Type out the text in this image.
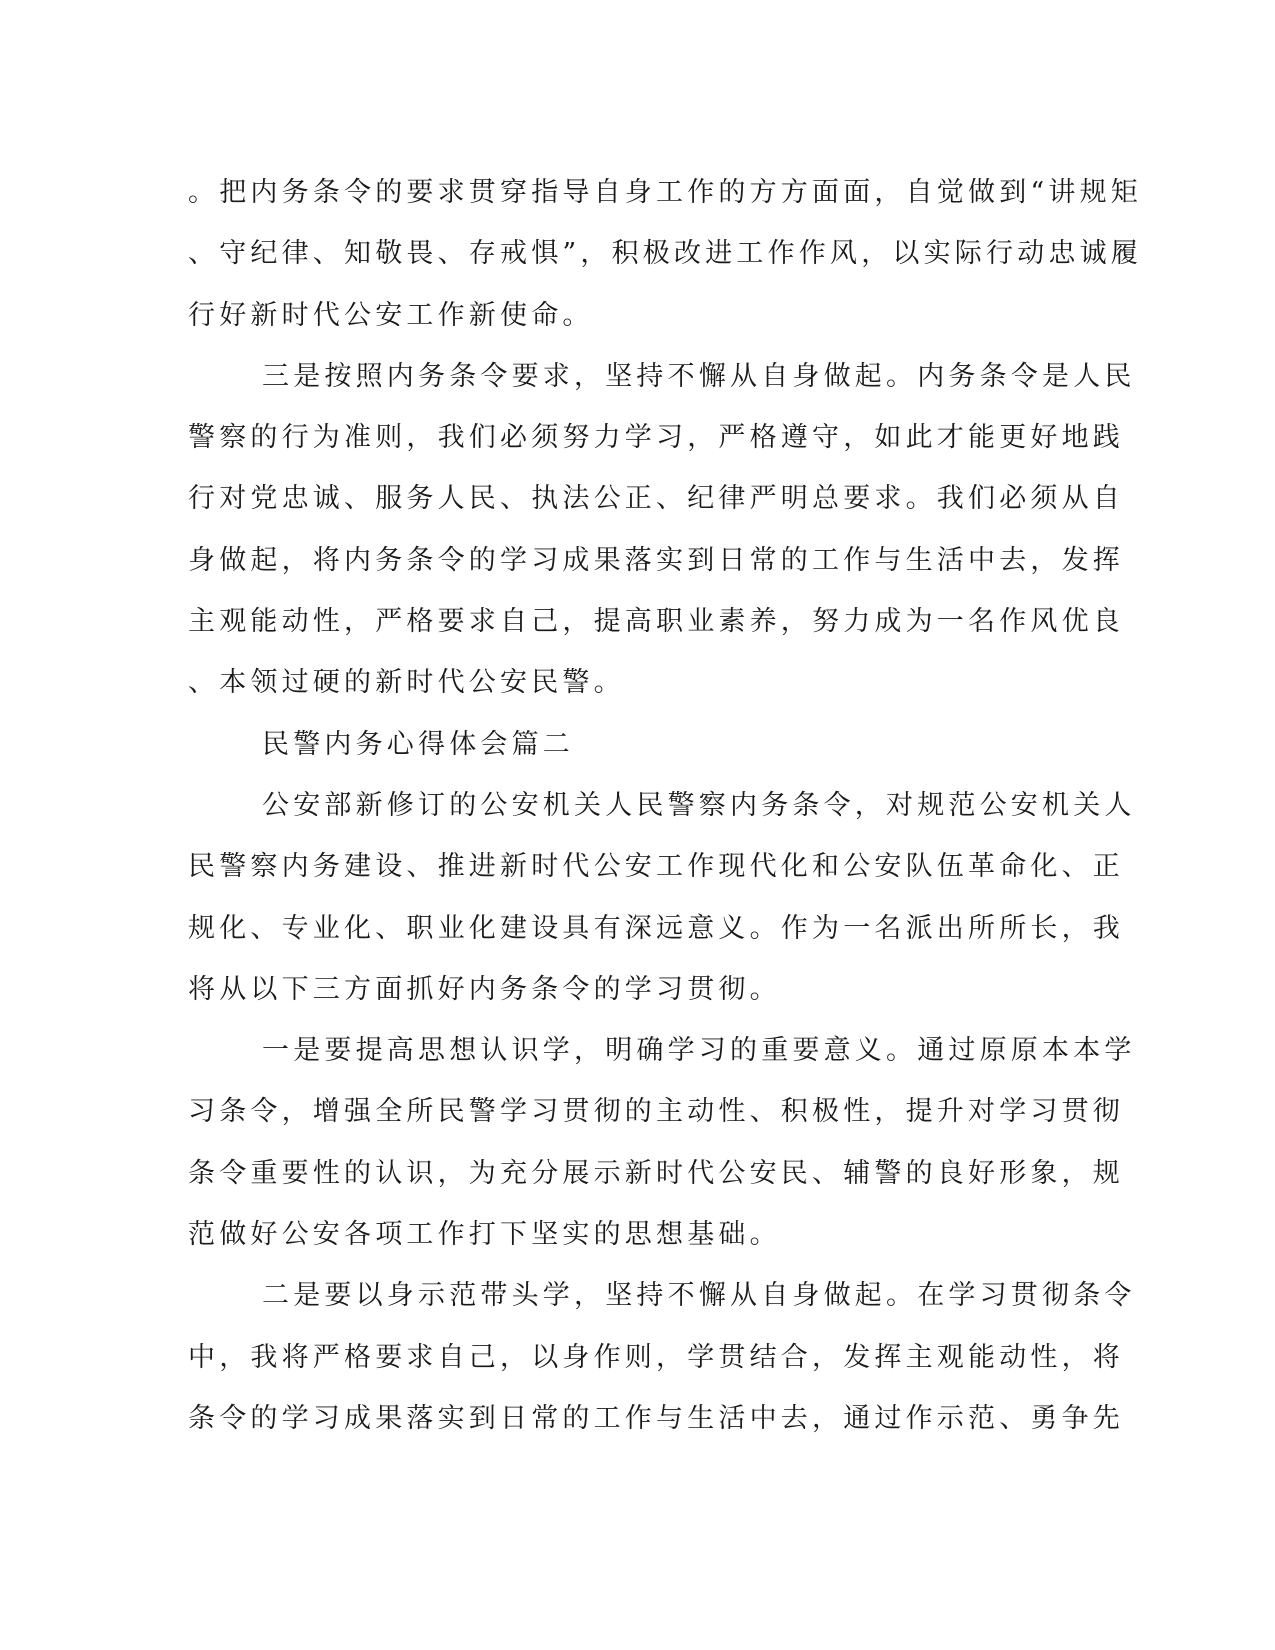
。把内务条令的要求贯穿指导自身工作的方方面面，自觉做到“讲规矩
、守纪律、知敬畏、存戒惧”，积极改进工作作风，以实际行动忠诚履
行好新时代公安工作新使命。
三是按照内务条令要求，坚持不懈从自身做起。内务条令是人民
警察的行为准则，我们必须努力学习，严格遵守，如此才能更好地践
行对党忠诚、服务人民、执法公正、纪律严明总要求。我们必须从自
身做起，将内务条令的学习成果落实到日常的工作与生活中去，发挥
主观能动性，严格要求自己，提高职业素养，努力成为一名作风优良
、本领过硬的新时代公安民警。
民警内务心得体会篇二
公安部新修订的公安机关人民警察内务条令，对规范公安机关人
民警察内务建设、推进新时代公安工作现代化和公安队伍革命化、正
规化、专业化、职业化建设具有深远意义。作为一名派出所所长，我
将从以下三方面抓好内务条令的学习贯彻。
一是要提高思想认识学，明确学习的重要意义。通过原原本本学
习条令，增强全所民警学习贯彻的主动性、积极性，提升对学习贯彻
条令重要性的认识，为充分展示新时代公安民、辅警的良好形象，规
范做好公安各项工作打下坚实的思想基础。
二是要以身示范带头学，坚持不懈从自身做起。在学习贯彻条令
中，我将严格要求自己，以身作则，学贯结合，发挥主观能动性，将
条令的学习成果落实到日常的工作与生活中去，通过作示范、勇争先
